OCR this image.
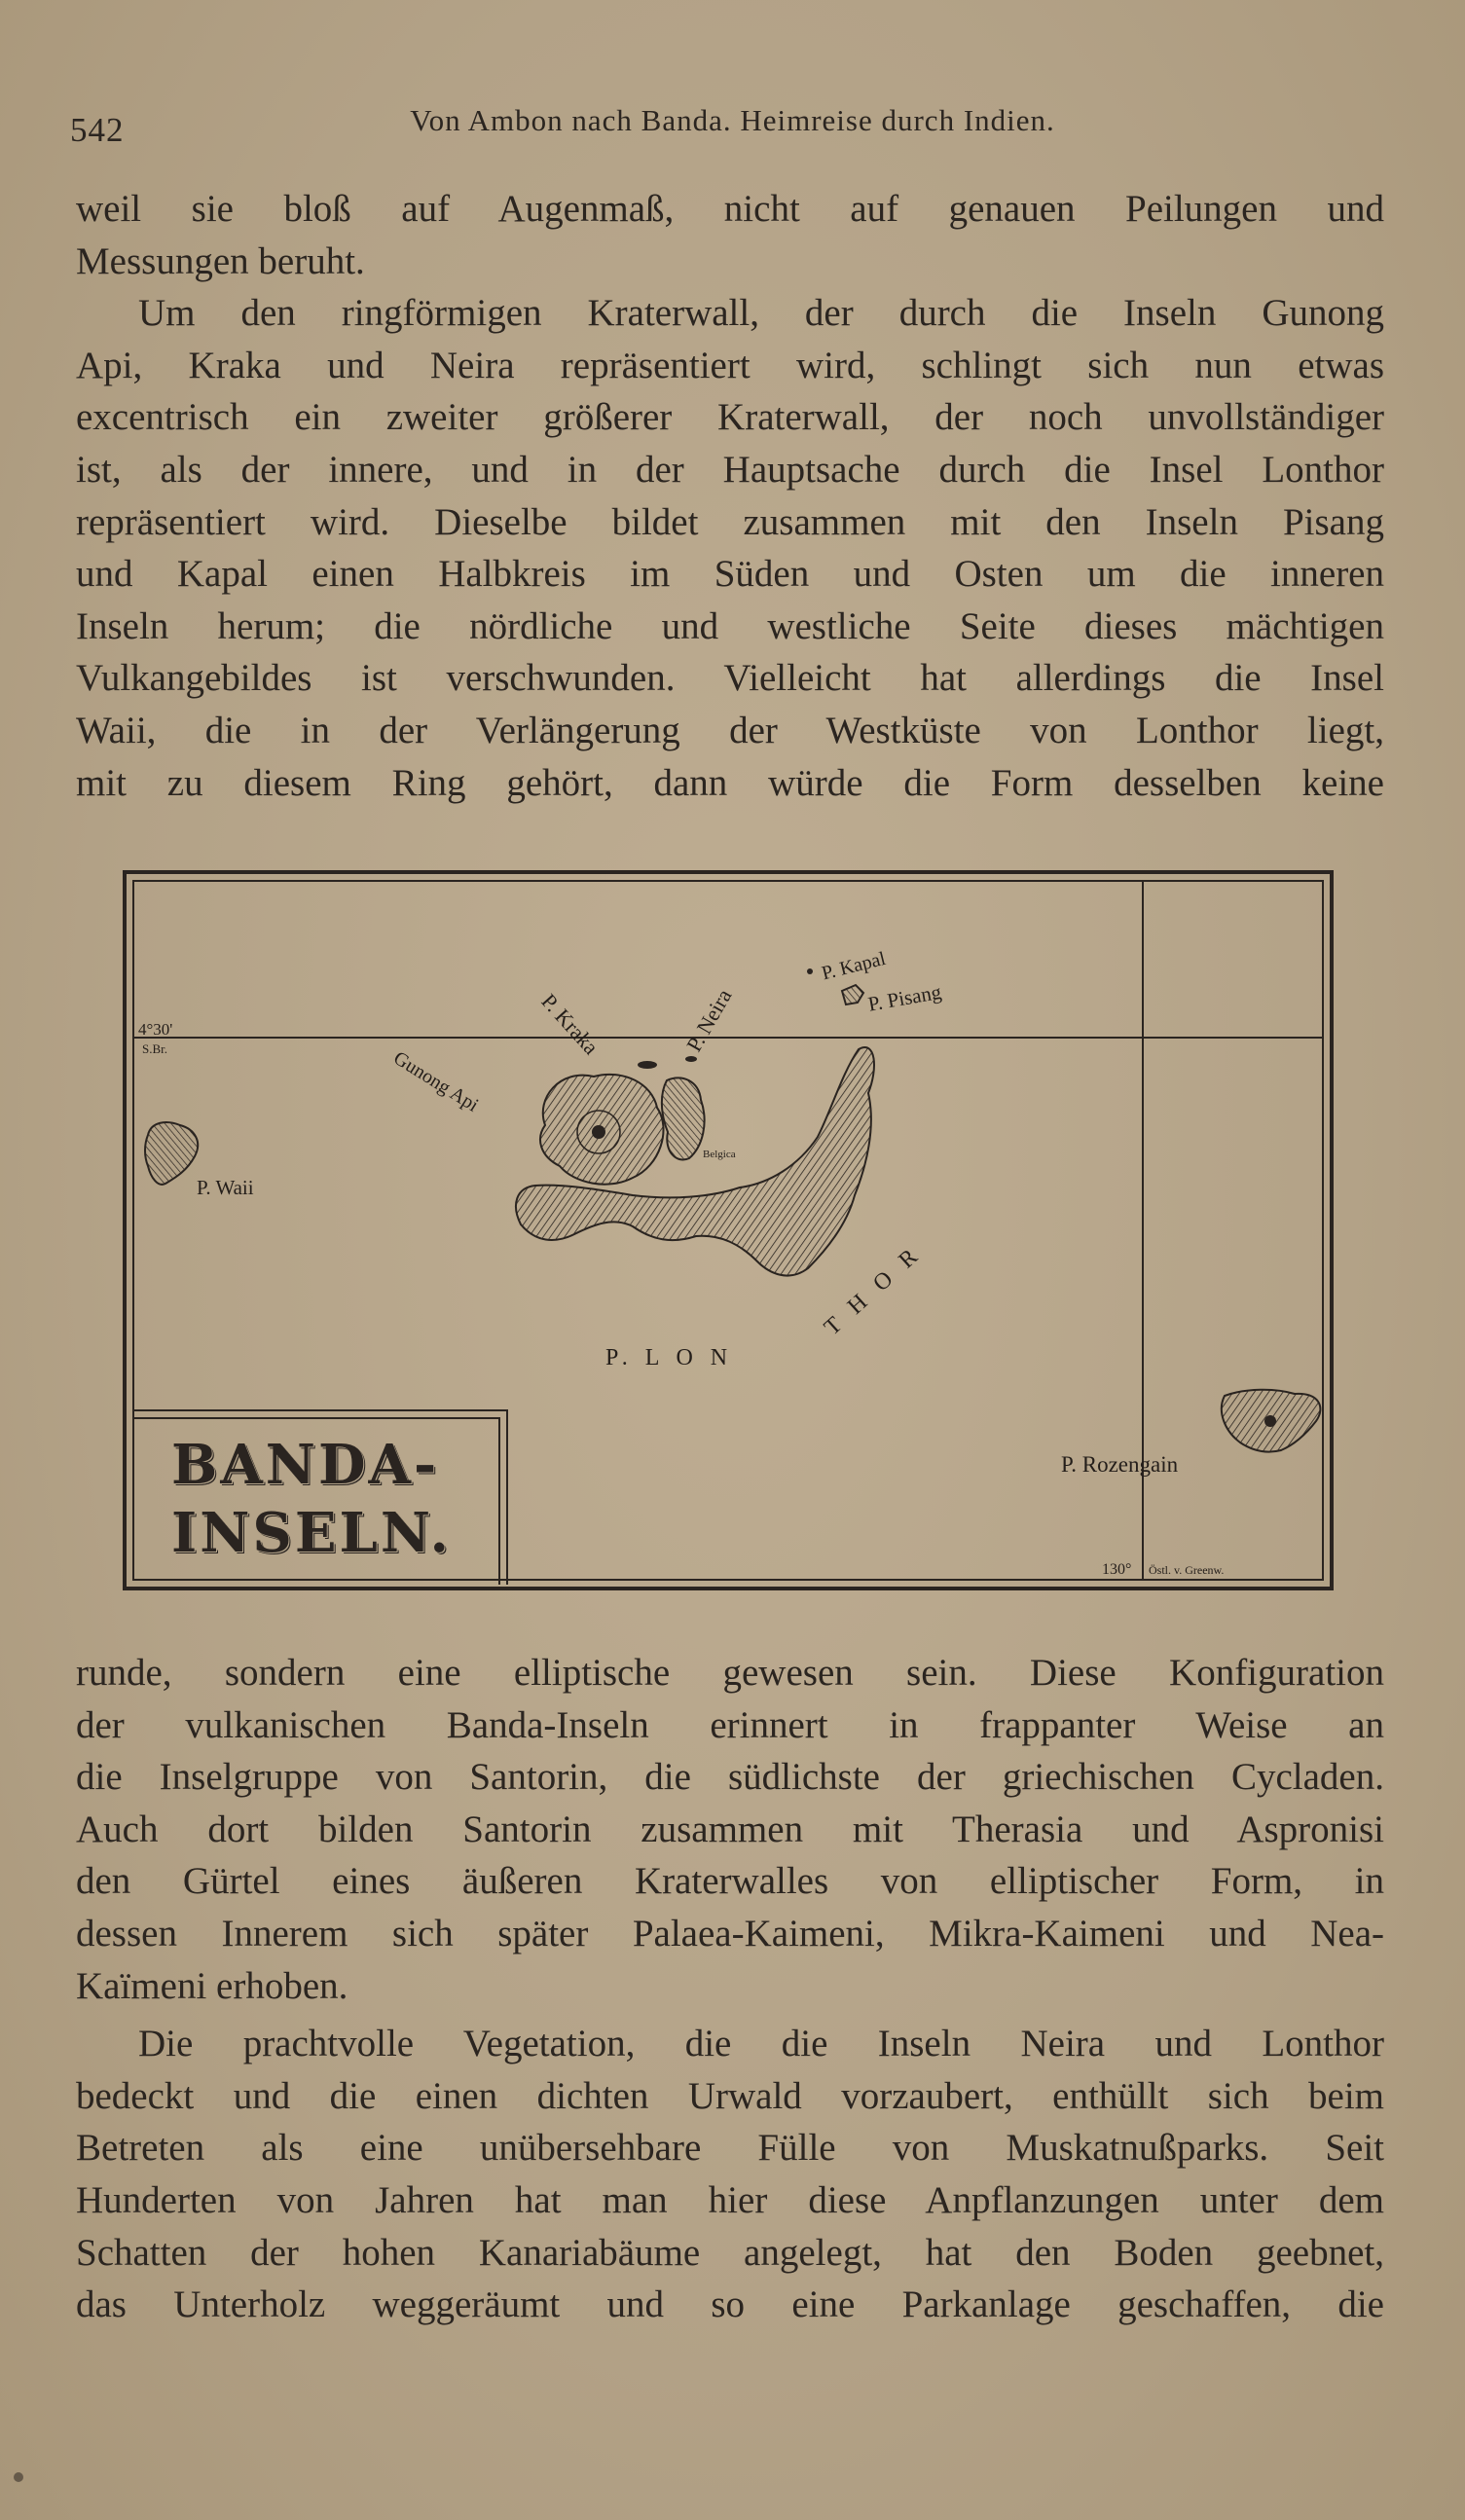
542	Von Ambon nach Banda. Heimreise durch Indien.
weil sie bloß auf Augenmaß, nicht auf genauen Peilungen und
Messungen beruht.
Um den ringförmigen Kraterwall, der durch die Inseln Gunong
Api, Kraka und Neira repräsentiert wird, schlingt sich nun etwas
excentrisch ein zweiter größerer Kraterwall, der noch unvollständiger
ist, als der innere, und in der Hauptsache durch die Insel Lonthor
repräsentiert wird. Dieselbe bildet zusammen mit den Inseln Pisang
und Kapal einen Halbkreis im Süden und Osten um die inneren
Inseln herum; die nördliche und westliche Seite dieses mächtigen
Vulkangebildes ist verschwunden. Vielleicht hat allerdings die Insel
Waii, die in der Verlängerung der Westküste von Lonthor liegt,
mit zu diesem Ring gehört, dann würde die Form desselben keine
4°30'
S.Br.
130° Östl. v. Greenw.
P. Kapal
P. Pisang
P. Kraka	P. Neira
Gunong Api
Belgica
P. Waii
P. L O N
T H O R
P. Rozengain
BANDA-
INSELN.
runde, sondern eine elliptische gewesen sein. Diese Konfiguration
der vulkanischen Banda-Inseln erinnert in frappanter Weise an
die Inselgruppe von Santorin, die südlichste der griechischen Cycladen.
Auch dort bilden Santorin zusammen mit Therasia und Aspronisi
den Gürtel eines äußeren Kraterwalles von elliptischer Form, in
dessen Innerem sich später Palaea-Kaimeni, Mikra-Kaimeni und Nea-
Kaïmeni erhoben.
Die prachtvolle Vegetation, die die Inseln Neira und Lonthor
bedeckt und die einen dichten Urwald vorzaubert, enthüllt sich beim
Betreten als eine unübersehbare Fülle von Muskatnußparks. Seit
Hunderten von Jahren hat man hier diese Anpflanzungen unter dem
Schatten der hohen Kanariabäume angelegt, hat den Boden geebnet,
das Unterholz weggeräumt und so eine Parkanlage geschaffen, die
